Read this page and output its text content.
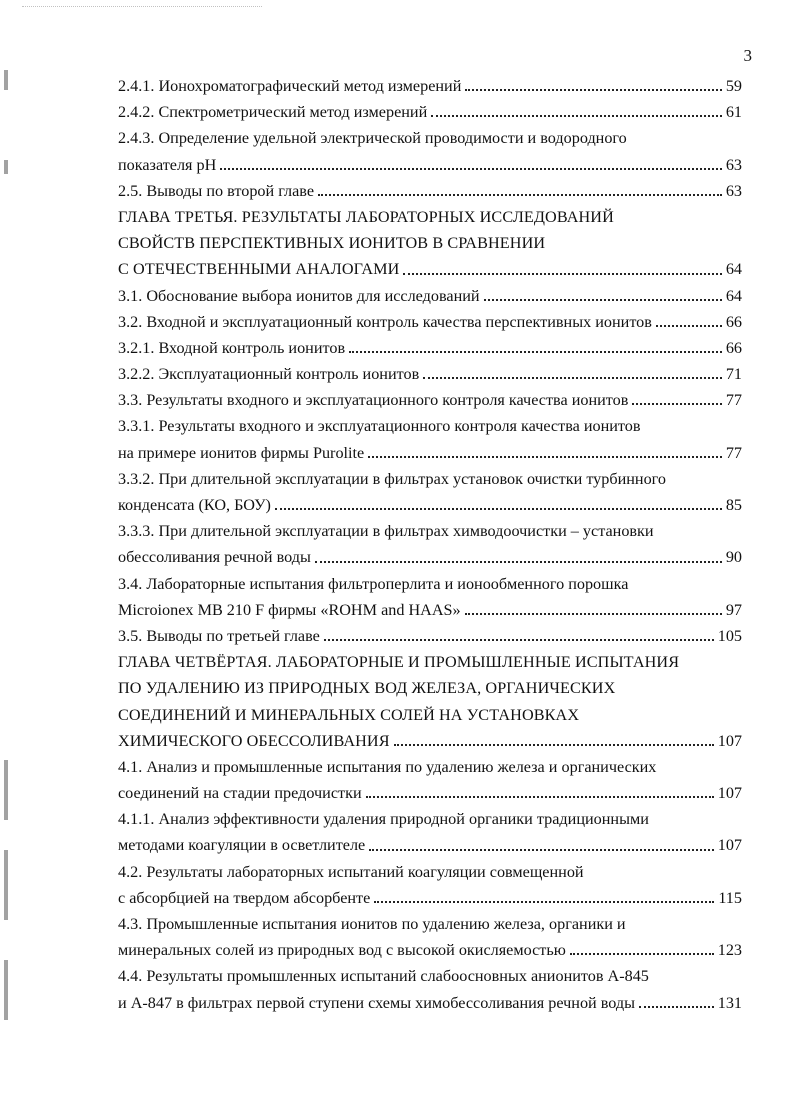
3
2.4.1. Ионохроматографический метод измерений	59
2.4.2. Спектрометрический метод измерений	61
2.4.3. Определение удельной электрической проводимости и водородного
показателя pH	63
2.5. Выводы по второй главе	63
ГЛАВА ТРЕТЬЯ. РЕЗУЛЬТАТЫ ЛАБОРАТОРНЫХ ИССЛЕДОВАНИЙ
СВОЙСТВ ПЕРСПЕКТИВНЫХ ИОНИТОВ В СРАВНЕНИИ
С ОТЕЧЕСТВЕННЫМИ АНАЛОГАМИ	64
3.1. Обоснование выбора ионитов для исследований	64
3.2. Входной и эксплуатационный контроль качества перспективных ионитов	66
3.2.1. Входной контроль ионитов	66
3.2.2. Эксплуатационный контроль ионитов	71
3.3. Результаты входного и эксплуатационного контроля качества ионитов	77
3.3.1. Результаты входного и эксплуатационного контроля качества ионитов
на примере ионитов фирмы Purolite	77
3.3.2. При длительной эксплуатации в фильтрах установок очистки турбинного
конденсата (КО, БОУ)	85
3.3.3. При длительной эксплуатации в фильтрах химводоочистки – установки
обессоливания речной воды	90
3.4. Лабораторные испытания фильтроперлита и ионообменного порошка
Microionex MB 210 F фирмы «ROHM and HAAS»	97
3.5. Выводы по третьей главе	105
ГЛАВА ЧЕТВЁРТАЯ. ЛАБОРАТОРНЫЕ И ПРОМЫШЛЕННЫЕ ИСПЫТАНИЯ
ПО УДАЛЕНИЮ ИЗ ПРИРОДНЫХ ВОД ЖЕЛЕЗА, ОРГАНИЧЕСКИХ
СОЕДИНЕНИЙ И МИНЕРАЛЬНЫХ СОЛЕЙ НА УСТАНОВКАХ
ХИМИЧЕСКОГО ОБЕССОЛИВАНИЯ	107
4.1. Анализ и промышленные испытания по удалению железа и органических
соединений на стадии предочистки	107
4.1.1. Анализ эффективности удаления природной органики традиционными
методами коагуляции в осветлителе	107
4.2. Результаты лабораторных испытаний коагуляции совмещенной
с абсорбцией на твердом абсорбенте	115
4.3. Промышленные испытания ионитов по удалению железа, органики и
минеральных солей из природных вод с высокой окисляемостью	123
4.4. Результаты промышленных испытаний слабоосновных анионитов А-845
и А-847 в фильтрах первой ступени схемы химобессоливания речной воды	131
